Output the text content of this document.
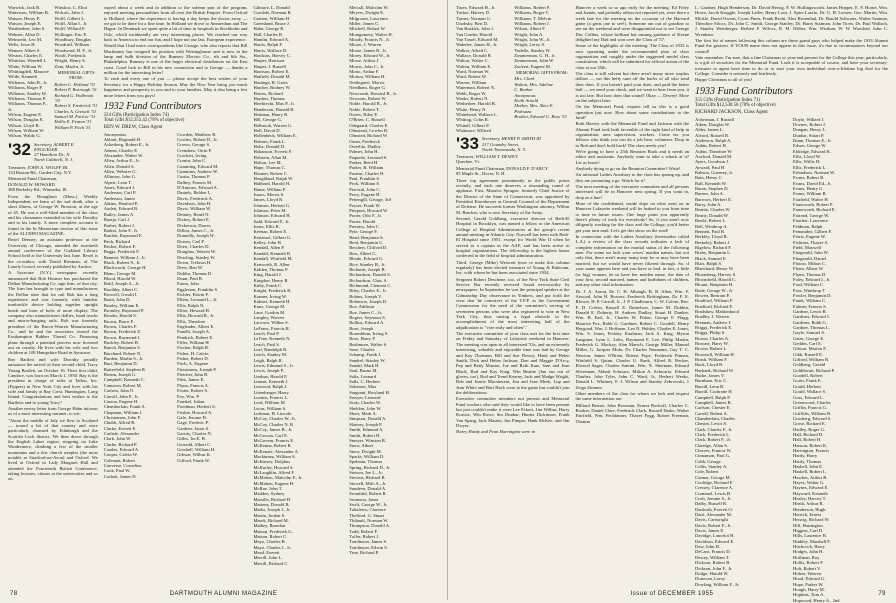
Warwick, Jack B.
Watterson, William B.
Watson, Henry P.
Watson, Joseph E.
Weatherbee, John S.
Webster, Allan D.
Weinstein, Leo M.
Wells, Jesse H.
Wenner, Albert S.
Weston, Charles E.
Whitcher, Wendell J.
White, William W.
Whittingdell, Maurice
Wilde, Kenneth
Williams, John B., Jr.
Williams, Roger P.
Williams, Stanley W.
Williams, Thomas P.
Williams, Thomas P., Jr.
Wilson, Eugene E.
Wilson, Douglas E.
Wilson, Lloyd B.
Wilson, William W.
Wilson, Waldo G.
Winslow, C. Eliot
Wolcott, John J.
Wolff, Gilbert L.
Wolff, Allan I., Jr.
Wolff, Willard F.
Wollinger, Eric E.
Woodbury, Douglas
Woodruff, William
Woodward, H. F., Jr.
Woolf, Frederick
Wright, Henry S.
Zinn, Martin, Jr.
MEMORIAL GIFTS FROM:
Robert C. Holland '31
Robert F. Burrough '31
Richard G. Holbrook '33
Robert S. Frederick '31
Charles A. Gretsch '31
Samuel M. Farlow '31
Hollis E. Fenton '31
William P. Fitch '31
'32 Secretary, ALBERT E. ENGGELER
27 Hamilton Dr., N.
North Caldwell, N. J.

Treasurer, JOHN A. WOLFF JR.
134 Ruston Rd., Garden City, N.Y.

Memorial Fund Chairman,
DONALD W. HOWARD
388 Berkeley Rd., Winnetka, Ill.

From the Broughton (Mass.) Weekly Independent we learn of the sad death, after a short illness, of George W. Broxton, at the age of 45. He was a well-liked member of the class and his classmates extended to his wife Dorothy and to his family. A more complete account is found in the In Memoriam section of this issue of the ALUMNI MAGAZINE.

Rexel Denney, an assistant professor at the University of Chicago, attended the twentieth annual conference of the Goddard Library School held at the University last June. Rexel is the co-author, with David Riesman, of The Lonely Crowd, recently published by Anchor.

A Syracuse (N.Y.) newspaper recently announced that Bob Hosmer has purchased the Delbar Manufacturing Co. sign firm, of that city. The firm has brought in type and manufactures the Delbar shoe that for rail Bob has a long experience and was formerly with familiar turnbuckle device holding together upright heads and base of bolts of more display. The company also manufactures dollies, hand trucks and mirror-hanging rails. Bob was formerly president of the Bacco-Warren Manufacturing Co., and he and his associates owned the Easthampton Rubber Thread Co. Financing plans through a patented process now licensed out on royalty. He lives with his wife and two children at 108 Hampshire Road in Syracuse.

Ray Bartlett and wife Dorothy proudly announce the arrival of their second child, Tracy Young Bartlett, on October 16. Their first child, Candace, was born on March 1, 1950. Ray is the president in charge of sales at Tallon, Inc. (Fippers) in New York City and lives with his wife and family at Bay Crest, Huntington, Long Island. Congratulations and best wishes to the Bartletts and to young Tracy!

Another newsy letter from George Hahn informs us of a most interesting summer, to wit:

"About the middle of July we flew to Scotland — toured a bit of that country and were particularly charmed by Edinburgh and the Scottish Loch district. We then drove through the English Lakes region, stopping on Lake Windermere, climbing a few of the smaller mountains and a few church steeples (the most notable at Stratford-on-Avon) and Oxford. We lived at Oxford in Lady Margaret Hall and attended the Fourteenth British Conference, taking lectures, classes at the universities and so on.

stayed about a week and in addition to the solemn part of the program, enjoyed meeting personalities from all over the British Empire. From Oxford to Holland, where the experience is having a day keeps the doctor away — we got to be there for a fine time. In Holland we drove to Amsterdam and The Hague. In Denmark we spent quite a bit of time in hospitals in Stockholm and Oslo, which incidentally are very interesting places. We reached our way back to America to end our fun, and I hope not our last, European experience.

Would that I had more correspondents like George, who also reports that Bill Mackinney has resigned his position with Westinghouse and is now in the lamp and bulb division of the Rumsey Electric Co., rth and 6th Sts., Philadelphia. Rumsey is one of the larger electrical distributors on the East coast. Good luck to Bill in his new connection and to George — thanks a million for the interesting letter!

To each and every one of you — please accept the best wishes of your Secretary for a Happy Holiday Season. May the New Year bring you much happiness and prosperity to you and to your families. May it also bring a few more letters from you guys!

1932 Fund Contributors
334 Gifts (Participation Index 74)
Total Gifts $12,353.42 (78% of objective)
BEN W. DREW, Class Agent
Anonymous
Abbott, Reginald H.
Ackerberg, Robert E., Jr.
Adams, Charles E.
Alexander, Walter W.
Allen, Arthur E., Jr.
Allen, Donald S.
Allen, Webster G.
Allinson, John G.
Alpert, Leon T.
Ames, Edward J.
Anderson, Carl P.
Anderson, James
Atkins, Hanford E.
Audett, Edward B.
Bailey, James A.
Baraja, Carl J.
Barber, Robert J.
Barker, John F., Jr.
Bartlett, Raymond F.
Beck, Richard
Becker, Robert P.
Beggs, Frederick F.
Bennett, William J., Jr.
Black, Robert S., Jr.
Blackworth, George H.
Blanc, George M.
Blood, Harold W.
Bold, Joseph A., Jr.
Boothby, Albert C.
Boswell, Gerald I.
Boutt, John D.
Brinley, William E.
Bromley, Raymond P.
Brooks, Harold S.
Brown, Brace F.
Brown, Charles F.
Brown, Frederick E.
Brown, Raymond J.
Buckley, Robert B.
Bunch, Benjamin S.
Burchard, Robert N.
Burden, Marlin S., Jr.
Burt, Benjamin D.
Butterfield, Stephen R.
Bream, Joseph G.
Campbell, Kenneth C.
Cameron, Robert M.
Carlsen, John O.
Carroll, John F., Jr.
Carson, Eugene H.
Chamberlain, Frank A.
Chapman, William J.
Christensen, John F.
Chubb, Alfred R.
Clarke, Everett E.
Carlisle, Alexander
Clark, John W.
Clarke, Richard P.
Coades, Edward A.
Cooper, Calvin W.
Coleman, Robert
Converse, Cornelius
Cook, Paul W.
Corbett, James D.
Cowden, Matthew B.
Cowles, Robert D., Jr.
Crown, George S.
Crenshaw, Orrin F.
Crockett, Irving
Cronin, John C.
Cumming, Edward M.
Cummins, Andrew W.
Curtin, Thomas P.
Dalbey, Francis M.
D'Amours, Edward A.
Daniels, Belden L.
Davis, Frederick A.
Davidson, John H.
Davis, William W.
Denney, Reuel N.
Dickey, Robert E.
Dickerson, Dawes
Dillon, James C., Jr.
Donnelly, Joseph W.
Dorsey, Carl F.
Doerr, Charles D.
Douglass, Warren W.
Dowling, Stanley W.
Down, Trelawn H.
Drew, Ben W.
Dublin, Thomas D.
Dunn, Paul R.
Eaton, John
Eggleston, Franklin S.
Eichler, Edwin F.
Ellem, Leonard L., Jr.
Ellis, Ralph N.
Elliot, Howard H.
Ellis, Howard R., Jr.
Ellis, Theodore
Engleader, Albert E.
Fanelli, Joseph A.
Fendrich, Robert E.
Fifler, William H.
Fischer, Ralph B.
Fisher, H. Calvin
Fisher, Robert D.
Fitch, A. Eugene
Fitzsimons, Joseph P.
Fletcher, John B.
Flint, James E.
Flynn, Francis A.
Foster, Robert S.
Foy, Wm. P.
Frankel, Julian
Friedman, Herbert S.
Frisbie, Howard A.
Gale, Jerome H.
Gage, Frederic P.
Gardner, Jason S.
Garrity, Charles N.
Gilles, Ira E. B.
Gerould, Albert C.
Getchell, William H.
Gibson, Wilbur K.
Gifford, Frank W.
Gilmore, L. Donald
Goodale, Norman B.
Gratton, William H.
Greenland, Bruce J.
Hahn, George R.
Hall, Charles R.
Hamlin, Edward A.
Harris, Ralph F.
Harris, Wallace D.
Hawkins, Harvey C.
Harper, Harrison
Harper, J. Russell
Harrison, Robert E.
Hatfield, Donald M.
Hastings, R. Gates
Hatcher, Rodney W.
Hawes, Richard
Hayden, Thomas
Herrbrecht, Max P., Jr.
Henderson, Donald B.
Heitman, Henry R.
Hill, George G.
Holbrook, Warren G.
Holl, David D.
Hollenbeck, William E.
Holmes, Frank L.
Holtz, Donald D.
Hokanson, Everett F.
Holstein, Allan M.
Holton, Lee M.
Hope, Thomas C.
Hosmer, Robert C.
Houghland, Ralph W.
Hubbard, Harold H.
Hume, William F.
Isaacs, Morris S.
James, Lloyd R.
Johnson, Herbert G.
Johnson, Peter M.
Johnson, Edward H.
Judd, Edward F., Jr.
Jones, Ellis B.
Keenan, Robert E.
Keitzmol, Gilbert G.
Kelley, John H.
Kendall, Allen P.
Kendall, Kenneth R.
Kendall, Winfield M.
Kenworth, R. Allen
Kidden, Thomas F.
King, Harold J.
Kingdon, Henry R.
Kirby, Frank C.
Knight, Frederick R.
Kramer, Irving W.
Kuhner, Kenneth H.
Kunz, George M.
Lane, Gordon M.
Langley, Warren
Larrowe, Wilbur S.
LeFranc, Francis R.
Leach, Paul P.
LaVine, Kenneth N.
Leach, Paul S.
Leaf, Randolph R.
Leach, Stanley M.
Leigh, Ralph R.
Lewis, Edmund S., Jr.
Lewis, Joseph P.
Lindsay, Harold F.
Linnan, Kenneth J.
Linwood, Ralph J.
Littenberger, Harry
Loomis, Francis L.
Lord, William M.
Lucas, William S.
Luftman, H. Lincoln
McCoy, Charles W., Jr.
McCoy, Charles N. R.
McCoy, James B., Jr.
McGowan, Carl E.
McGovern, Francis E.
McKenna, Robert B.
McKenzie, Alexander A.
Mackinney, William S.
McKinsey, Dolphus
McKinley, Howard S.
McLaughlin, Alfred F.
McMahon, Malcolm F., Jr.
McMahon, Eugene H.
McRae, John T.
Madden, Sydney
Marsille, Richard H.
Martens, Donald B.
Marks, Joseph J., Jr.
Martin, Jordan S.
Masek, Richard M.
Mathey, Brandon
Matson, Frederick G.
Matson, Robert C.
Mayo, Charles B.
Mayo, Charles J., Jr.
Mead, Everett
Merrill, John L.
Merrill, Richard C.
Metcalf, Malcolm W.
Meyers, Dwight E.
Milgroom, Lawrence
Miller, James C.
Mitchell, Robert W.
Montgomery, Walter H.
Moody, Francis N., Jr.
Moore, J. Warren
Moore, James B., Jr.
Morey, Edward W., Jr.
Morse, Arthur J.
Morris, John C., Jr.
Motto, Arthur F.
Motton, William H.
Nettlegreet, Morris
Needham, Roger G.
Newcomb, Howard B., Jr.
Newsom, Robert W.
Noble, Harold B., Jr.
Noble, Robert T.
Noves, Riley E.
O'Brien, C. Russell
Odegaard, Charles E.
Olmstead, Cowles B.
Olmsted, Richard W.
Osner, Frederick
Osterlitz, Dudley
Palmer, John H.
Paquette, Leonard S.
Parker, Reed H.
Parker, R. William
Pasteur, Charles H.
Paul, Franklin S.
Peck, William E.
Percival, John C.
Perry, Eugene H.
Pettengill, George, 3rd
Peyser, Frank W.
Pierpont, Howard W.
Porter, Orlo F., Jr.
Porter, Harold
Prentiss, John C.
Pyle, George F.
Read, Benjamin S.
Reid, Benjamin C.
Reichert, Clifford D.
Reis, Albert C.
Rhode, Edward G.
Rice, Stanley B., Jr.
Richards, Joseph B.
Richardson, Donald S.
Richardson, Chas. S.
Richmond, Clement C.
Riley, Charles E., Jr.
Robins, Joseph V.
Robinson, Joseph D.
Roe, Addison
Roe, James C., Jr.
Rogers, Seymour S.
Rollins, Edward A.
Rose, Joseph
Rosenblum, Irving S.
Ross, Harry P.
Rushmore, Walter S.
Saxe, Charles
Schamp, Frank J.
Sandrel, Stanley W.
Sandal, Mark H.
Saul, Bruno M.
Saltz, Leonard
Salls, C. Herbert
Salomon, Max
Sargeant, Howland H.
Sawyer, Leonard
Scott, Charles W.
Sheldon, John W.
Short, Mark A.
Simpson, Donald A.
Slattery, Joseph P.
Smith, Edmund A.
Smith, Robert H.
Smeyer, Winston B.
Snow, Albert
Snow, Dwight M.
Sparks, William D.
Spelman, Thomas
Spring, Richard D., Jr.
Stetson, Joe L., Jr.
Stevens, Richard B.
Stowell, Milo A., Jr.
Sundeen, Donald A.
Swanhild, Robert R.
Swanson, Jonas
Swift, George W., Jr.
Taliaferro, Clarence
Thelford, G. Stuart
Thibault, Norman W.
Thompson, Donald A.
Todd, Robert F.
Toffer, Robert J.
Tomlinson, James S.
Tomlinson, Edwin S.
True, Richard P.
78	DARTMOUTH ALUMNI MAGAZINE
Truex, Edward H., Jr.
Tucker, Harvey D.
Turner, Norman G.
Unobsky, Bert D.
Van Buskirk, John J.
Van Gorder, Harold
Van Tassel, Edward M.
Wakelee, James H., Jr.
Walker, Alfred C.
Wallace, Donald B.
Walton, Walter C.
Walton, William E.
Ward, Norman W.
Ward, Robert W.
Warren, William
Waterman, Robert N.
Webb, Roger W.
Weeks, Robert N.
Wetherbee, Harold B.
White, Henry N.
Whitehead, Wallace L.
Whiting, Colin R.
Whitall, Gilbert P.
Whitmore, Wilfred
Williams, Robert P.
Williams, Roger T.
Williams, T. Melvin
Williams, Robert J.
Wilson, Albert F.
Wright, John A.
Wright, John W., Jr.
Wright, Leroy S.
Yudelle, Stanley W.
Zimmerman, G. H., Jr.
Zimmerman, John W.
Zuckert, Eugene M.
MEMORIAL GIFTS FROM:
Mrs. Clark
Walton, Mrs. Adeline
C. Banker
Anonymous
Keith Arnold
Mother, Mrs. Alice E. Pedrazza
Brother, Edward G. Ross '33
'33 Secretary, HENRY P. SMITH III
217 Goundry Street,
North Tonawanda, N. Y.

Treasurer, WILLIAM T. DEWEY
Quechee, Vt.

Memorial Fund Chairman, DONALD F. D'ARCY
85 Maple St., Dover, N. H.

Three top agreement prominently in the public prints recently, and each one deserves a resounding round of applause. First, Maurice Sprague, formerly Chief Justice of the District of the State of Connecticut, was appointed by President Eisenhower as General Counsel of the Department of Defense. He succeeds former Washington attorney, Wilbur M. Brucker, who is now Secretary of the Army.

Second, Gerald Goldberg, executive director of Beth-El Hospital in Brooklyn, was named a fellow in the American College of Hospital Administrators at the group's recent annual meeting in Atlantic City. Norwell has been with Beth-El Hospital since 1951, except for World War II when he served as a captain in the AAF, and has been active in hospital organizations. The fellowship is the highest honor conferred in the field of hospital administration.

Third, George (Mike) Westcott (now to make this column regularly) has been elected treasurer of Young & Rubicam, Inc. with whom he has been associated since 1934.

Sergeant Robert Deschene, too, of the New York State Civil Service Bar recently received found newsworthy by newspapers. In September he was the principal speaker at the Gilmanship Day observance in Yonkers, and put forth the view that 'he conceives of the V.F.P. as the Government Commission for the need of the committee's serving of seventeen persons who were also registered to vote in New York City, thus raising a legal obstacle to the accomplishment of the most interesting half of the adjudication to "vote early and often".'

The executive committee of your class met for the first time on Friday and Saturday of Lafayette weekend in Hanover. The meeting was open to all interested '33s, and an extremely interesting, valuable and enjoyable time was had by George and Kay Thornton, Bill and Sue Dewey, Hank and Helen Smith, Dick and Helen Jackson, Don and Maggie D'Arcy, Pep and Betty Matson, Joe and Roth Katz, Sam and Jean Black, Bud and Kay King, Win Beattie (Jan ran out of gloves, too), Rod and Trend Kearny, Jack and Madge Wright, Bob and Jeanie Macsherent, Jim and Jean Meek, Lup and Jean White and Burt Hack were at the game but couldn't join the deliberations.

Executive committee members not present and Memorial Fund workers who said they would like to have been present but just couldn't make it were Lee Eckert, Jim Wilbur, Harry Kravitz, Win Rowe, Stu Dunbar, Hunter Dickinson, Frank Van Spang, Jack Masten, Jim Pimper, Hank McKee, and Jim Dwyer.

Harry Hardy and Fran Harrington were in

Hanover a week or so ago early for the meeting. Ed Foley and Jonnie, and probably others not reported yet, were there a week late for the meeting on the occasion of the Harvard game (a great one to see!). Someone ran out of gasoline to see on the weekend and were disappointed not to see George Doc Collins, whose brilliant but unsung guidance of Keene delighted my Dad and won over the Class of '57.

Some of the highlights of the meeting: The Class of 1933 is now operating under the recommended plan of class organization and roughly under the suggested model class constitution, which will be submitted for official action of the class at our 25th.

The class is still solvent but there aren't many more surplus dollars — cut this hefty sum off the backs of all who send their dues. If you haven't paid your dues, and paid the better half — we need your check, and we want to hear from you, it is too late. But how does that sound? Okay — Dewey! More on the subject later.

On the Memorial Fund, experts tell us this is a good operation just now. How about some contributions to the fund?

Both Harvey with the Memorial Fund and Jackson with the Alumni Fund took both favorable of the right kind of help in organization, area supervision, workers. Come on, you fellows who think you can do a job here, volunteer. Drop in to Bob and don't hold back! The class needs you!

We're going to have a 25th Reunion Book and it needs an editor and assistants. Anybody want to take a whack at it? Let us know!

Anybody dying to go on the Reunion Committee? Write!

An informal Ladies Auxiliary to the class has sprung up, and they are promoting a go. Watch for it!

The next meeting of the executive committee and all persons interested will be in Hanover next spring. If you want in, drop us a line!

More of the confidential, inside dope on what went on in Hanover Lafayette weekend will be leaked to you from time to time in future issues. One large point you apparently there's plenty of work for everybody! So, if you aren't now diligently working for the class and the College, you'd better get your turn mail. Let's get this show on the road!

In connection with the Ladies Auxiliary (hereinafter called L.A.) a review of the class records indicates a lack of complete information on the marital status of the following men. For some we lack your wives' maiden names, but not only that, there aren't many many may be or may have been married, but we would have never filtered through. So, if your name appears here and you have or had, in fact, a little (or big) woman, let us have her maiden name, the date of your first, second married, names and birthdates of children, and any other vital information:

Dr. J. A. Aaron, Dr. C. H. Albaugh, B. B. Allen, Wm. F. Atwood, John H. Bowers, Frederick Brittingham, Dr. F. E. Blower, H. P. Carroll, Jr., J. P. Chadbourn, C. W. Colvin, Rev. F. D. Colvin, Russell E. Danielson, James M. Dobbin, Donald E. Doherty, H. Andrew Dudley, Stuart H. Dunker, Wm. B. Earl, Jr., Charles W. Fisher, George F. Flagg, Maurice Fox, Robb G. Gardiner, Robert C. Goodell, Henry Heygood, Wm. J. Hoffman, Leo N. Hubley, Charles E. Jones, Wm. S. Jones, Feriday Kaufman, Jack A. King, Myron Langsner, Lynn L. Lebo, Raymond E. Lee, Philip Martin, Frederick G. Mackay, Alan Marsch, George Miller, Manuel Miller, G. Jacques Mohr, Dr. Charles Neumann, Guy T. C. Newton, James O'Brien, Robert Pope, Frederick Pitman, Winfield S. Quinn, Charles U. Rank, Alfred R. Recker, Elwood Sager, Charles Santini, Wm. N. Sherman, Edward Silverman, Abbott Schwarz, Milton A. Schwartz, Edward Thurber, John Tyler, John C. Ward, Jr., Herbert Weeks, Donald L. Whitney, F. J. Wilson and Stanley Zebrowski, 1 Zeiga Zimmer.

Other members of the class for whom we lack and request the same information are:

Hilliard Berner, John Bowman, Ernest Bockoff, Charles C. Booker, Daniel Clare, Frederick Clark, Russell Drake, Walter Fairfield, Wm. Fechbinner, Thayer Fogg, Robert Freeman, Thomas

L. Gardner, Hugh Henderson, Dr. David Hersig, F. W. Hollingsworth, James Hopper, E. F. Horne, Wm. Howe, Jacob Kruggle, Joseph Laffer, Henry Loos, J. Spire Laszlo, Dr. G. H. Loesen, Geo. Martin, Wm. Mickle, David Owens, Cyrus Pines, Frank Recht, Alex Rosenthal, Dr. Harold Schwartz, Walter Seaman, Theodore Silcox, Dr. John C. Smith, George Stanley, Dr. Harry Suttman, John Ticen, Dr. Paul Wallach, J. Stanley Weinberger, Herbert F. Wilcox, R. M. Wilber, Wm. Wisdom, W. W. Woodard, John C. Wrenham.

The first list of names following this column are those grand guys who helped make the 1933 Alumni Fund the greatest. If YOUR name does not appear in this issue, it's due to circumstances beyond our control!

Vale remember, I'm sure, that a fine Christmas or year-end present for the College this year, particularly, is a gift of securities for the Memorial Fund. Look it is acceptable of course, and have your secretary-treasurer or agent have time to do or to start your own individual over-a-lifetime big deal for the College. Consider it seriously and fearlessly.

Happy Christmas to all of you!

1933 Fund Contributors
355 Gifts (Participation Index 71)
Total Gifts $12,530.56 (78% of objective)
RICHARD JACKSON, Class Agent
Ackerman, J. Russell
Aiken, Douglas W.
Alder, James L.
Alvord, Russell R.
Anderson, Ralph A.
Aubin, Robert H.
Aubin, Theodore W.
Axelrod, Donald M.
Ayers, Goodwin J.
Ayward, Paul H.
Babson, Guerney, Jr.
Bain, Henry C.
Ball, Kenneth W.
Baran, Stephen D.
Barnes, John A.
Barrows, Herbert E.
Barry, John A.
Beattie, Charles W.
Beatty, Donald W.
Beede, Robert L.
Bell, Winthrop A.
Bennett, Paul B.
Berkley, Lloyd R.
Berkeley, Robert J.
Bigelow, Richard F.
Bixby, Benjamin L.
Black, Samuel E.
Blair, Ralph S.
Blanchard, Henry W.
Bloomberg, Harvey S.
Bloomfield, Harold C.
Blount, Benjamin H.
Bode, George W., Jr.
Bowen, Bertram P.
Bradford, William F.
Bradford, Richard F.
Bradshaw, Mahlonhood
Bradley, J. Warren
Brennan, Andrew J.
Briggs, Frederick E.
Briggs, Philip S.
Brown, Charles A.
Browne, Harry W.
Brown, Robert L.
Brownell, William H.
Brush, William F.
Buck, Lloyd R.
Burbank, Richard W.
Burke, James V.
Burnham, Eric C.
Burrill, Leon B.
Burrill, Cochrane H.
Campbell, Ralph P.
Camphell, James R.
Carlson, Chester E.
Carrell, Robert A.
Chamberlain, Charles
Chester, Lewis S.
Clark, Charles F., Jr.
Clark, Frederick L.
Clark, Robert F., Jr.
Claridge, Allan S.
Cleaves, Francis W.
Cinnamon, Paul G.
Cobb, George
Collis, Stanley A.
Cole, Robert
Connor, George M.
Coolidge, Richard F.
Cressey, Clarence A.
Crummel, Lewis B.
Croft, Jerome S., Jr.
Dalby, Russell B.
Danforth, Everett O.
Dartt, Alexander M.
Davis, Cartwright
Davis, Robert F., Jr.
Davis, James E.
Davidge, Lancelot H.
Davidson, Edward E.
Daw, John H.
DeCaro, Francis D.
Dewey, William T.
Dickson, Robert B.
Dickson, John F., Jr.
Dodge, Harold W.
Donovan, Leroy
Dowling, William F., Jr.
Doyle, Willard J.
Dovnes, Robert J.
Dungan, Henry L.
Dunbar, Stuart P.
Dunn, Thomas E., Jr.
Edson, George W.
Eldridge, Edward K.
Ellis, Lloyd W.
Ellis, Willis H.
Ellis, Frederick L.
Erlandson, Norman W.
Evans, Robert B.
Evans, David Ed., Jr.
Evans, Henry G.
Evans, William B.
Fairfield, Walter H.
Farnsworth, Robert P.
Farnsworth, Richard E.
Farrand, George W.
Faucher, Lawrence
Feldman, Ralph
Fernandez, Gilbert F.
Ferris, Eugene W.
Fichiner, Thayer A.
Field, Maxwell
Fitzgerald, John W.
Fitzgerald, Daniel
Flotow, Milton C.
Flynn, Albert W.
Flynn, Thomas D.
Foley, Edward J., Jr.
Ford, William C.
Foss, Winthrop T.
Fowler, Benjamin D.
Frank, William C.
Fulmer, Francis S.
Gardner, Lewis B.
Gardiner, Edward J.
Gardiner, Robb G.
Gardner, Thomas L.
Gayle, Samuel A.
Gates, George E.
Geddes, Carl E.
Gibson, Marion F.
Gibb, Russell E.
Gifford, William B.
Goldberg, Gerald
Goldthwait, Richard P.
Goodell, Robert
Gorin, Frank E.
Gould, Herbert
Gould, Wallace S.
Goss, Edward L.
Greenwood, Charles
Griffin, Francis G.
Griffiths, William B.
Grosberg, Edward S.
Grose, Richard E.
Hadley, Roger G.
Hall, Richard D.
Hall, Robert H.
Hanson, Robert K.
Harrington, Francis
Hardy, Harry
Hardy, Thomas
Haskell, John E.
Haskell, Robert L.
Hawkes, Arthur B.
Hayes, Walter G.
Haynes, Edward E.
Hayward, Kenneth
Healey, Harvey T.
Heath, Arthur B.
Henderson, Hugh
Herrick, Ernest
Herzog, Richard W.
Hill, Harrington
Higgins, Carl D.
Hills, Laurence H.
Hinkley, Marshall F.
Hitchcock, Harry
Hodges, John H.
Hoffman, Roy
Hollis, Robert F.
Holt, Robert V.
Holzer, Warren
Hood, Edward G.
Hope, Parker W.
Hough, Harry M.
Hopkins, Tom A.
Hopwood, Henry A., 2nd
Issue of DECEMBER 1955	79
